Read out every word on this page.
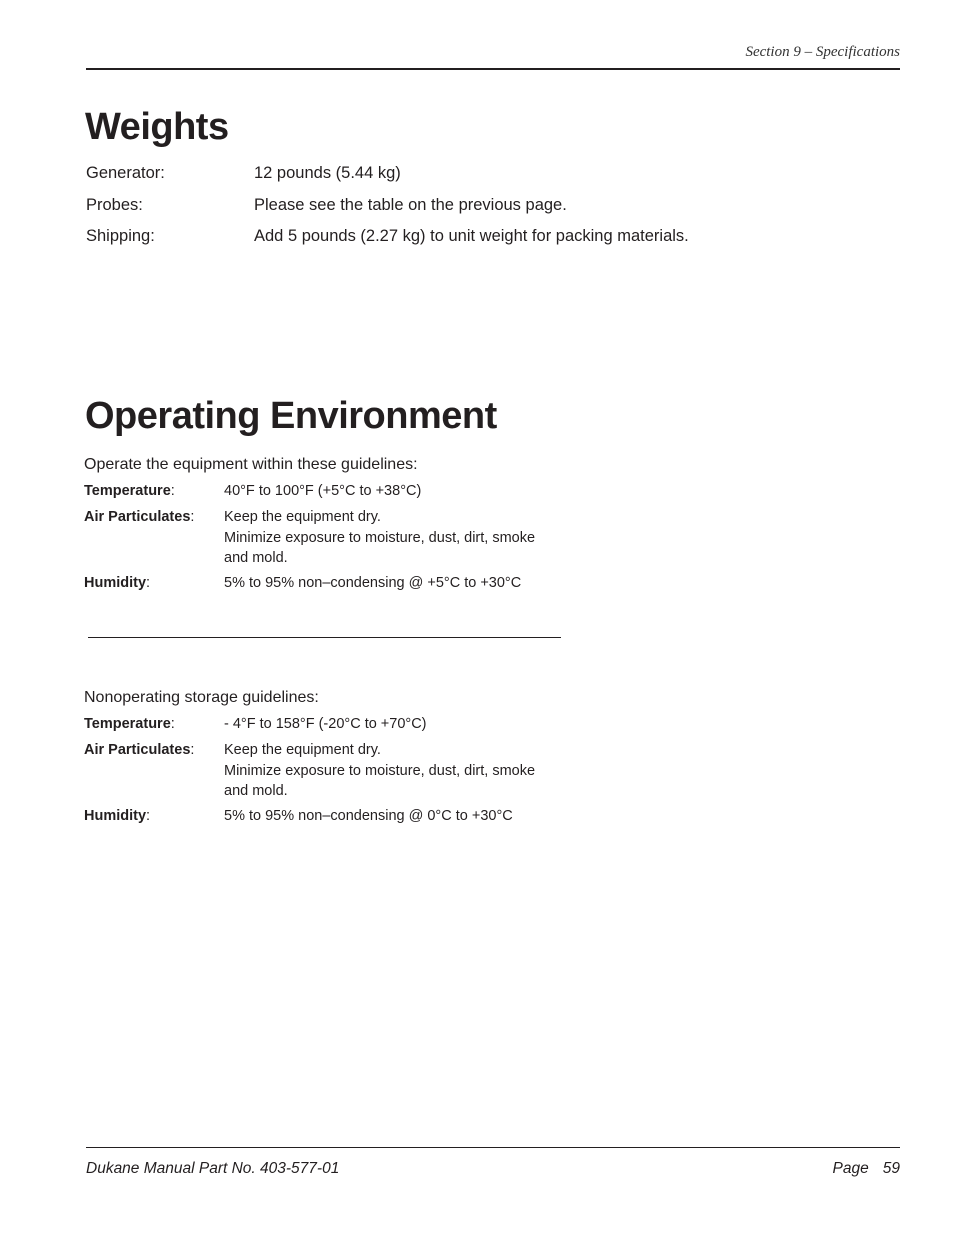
Section 9 – Specifications
Weights
Generator:	12 pounds (5.44 kg)
Probes:	Please see the table on the previous page.
Shipping:	Add 5 pounds (2.27 kg) to unit weight for packing materials.
Operating Environment
Operate the equipment within these guidelines:
Temperature:	40°F to 100°F (+5°C to +38°C)
Air Particulates:	Keep the equipment dry.
Minimize exposure to moisture, dust, dirt, smoke
and mold.
Humidity:	5% to 95% non–condensing @ +5°C to +30°C
Nonoperating storage guidelines:
Temperature:	- 4°F to 158°F (-20°C to +70°C)
Air Particulates:	Keep the equipment dry.
Minimize exposure to moisture, dust, dirt, smoke
and mold.
Humidity:	5% to 95% non–condensing @ 0°C to +30°C
Dukane Manual Part No. 403-577-01	Page 59
